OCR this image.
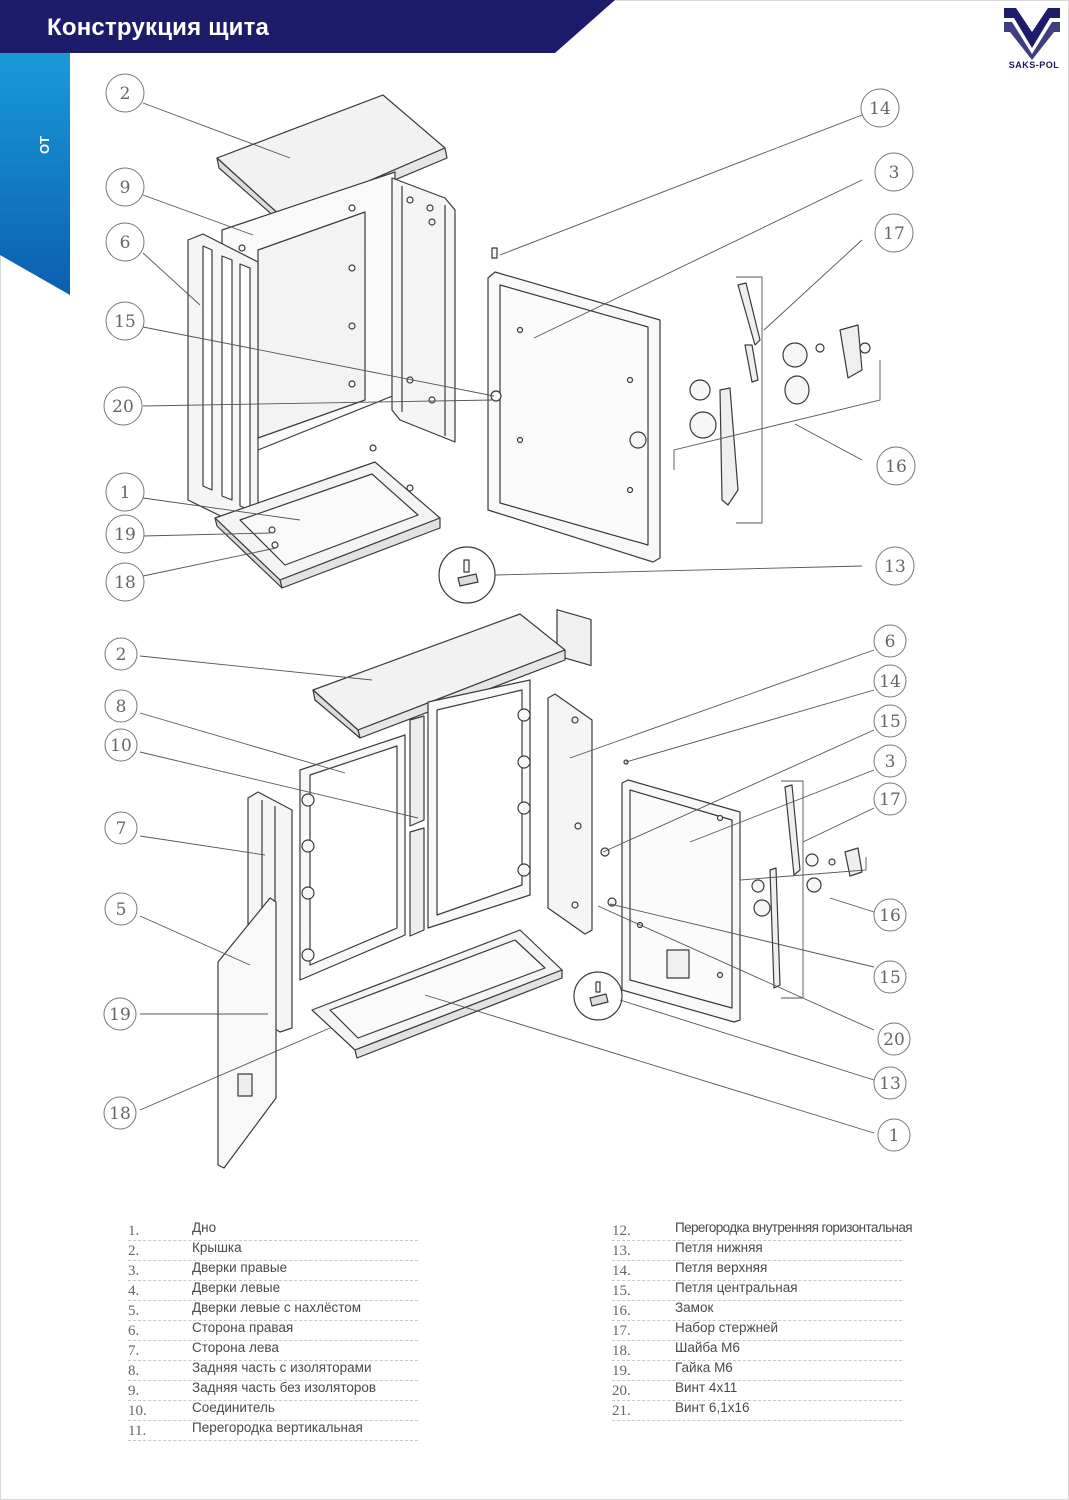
Конструкция щита
ОТ
SAKS-POL
2
9
6
15
20
1
19
18
14
3
17
16
13
2
8
10
7
5
19
18
6
14
15
3
17
16
15
20
13
1
1.	Дно
2.	Крышка
3.	Дверки правые
4.	Дверки левые
5.	Дверки левые с нахлёстом
6.	Сторона правая
7.	Сторона лева
8.	Задняя часть с изоляторами
9.	Задняя часть без изоляторов
10.	Соединитель
11.	Перегородка вертикальная
12.	Перегородка внутренняя горизонтальная
13.	Петля нижняя
14.	Петля верхняя
15.	Петля центральная
16.	Замок
17.	Набор стержней
18.	Шайба М6
19.	Гайка М6
20.	Винт 4x11
21.	Винт 6,1x16
